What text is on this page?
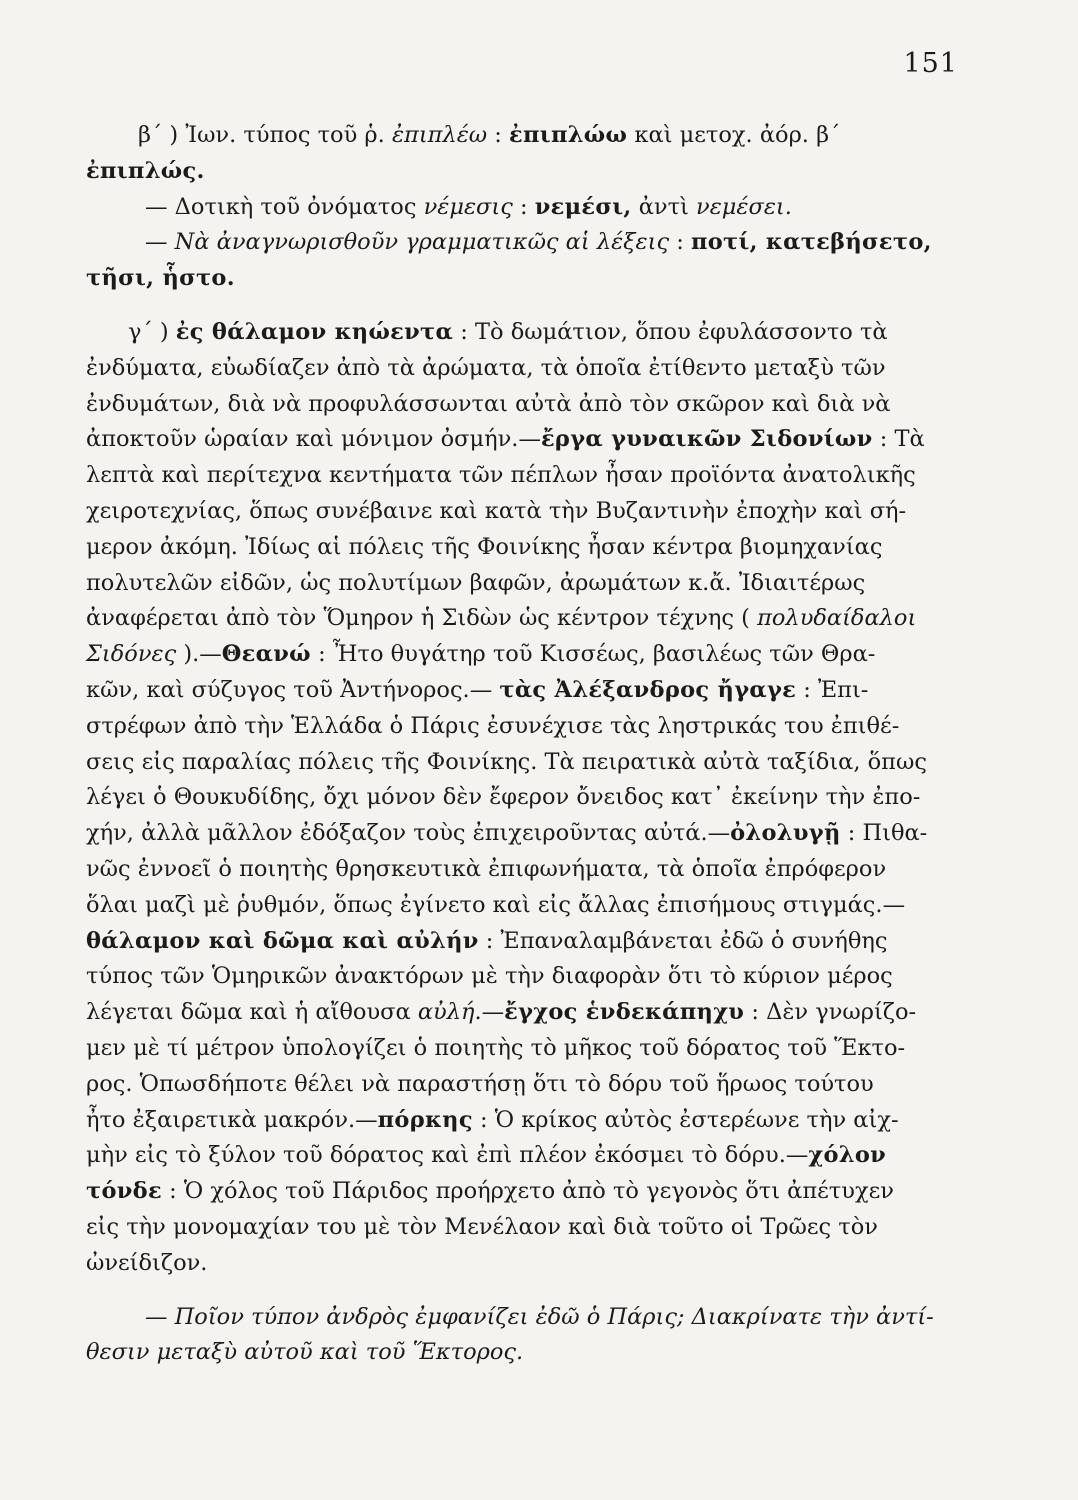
151
β΄ ) Ἰων. τύπος τοῦ ῥ. ἐπιπλέω : ἐπιπλώω καὶ μετοχ. ἀόρ. β΄
ἐπιπλώς.
— Δοτικὴ τοῦ ὀνόματος νέμεσις : νεμέσι, ἀντὶ νεμέσει.
— Νὰ ἀναγνωρισθοῦν γραμματικῶς αἱ λέξεις : ποτί, κατεβήσετο,
τῆσι, ἧστο.
γ΄ ) ἐς θάλαμον κηώεντα : Τὸ δωμάτιον, ὅπου ἐφυλάσσοντο τὰ
ἐνδύματα, εὐωδίαζεν ἀπὸ τὰ ἀρώματα, τὰ ὁποῖα ἐτίθεντο μεταξὺ τῶν
ἐνδυμάτων, διὰ νὰ προφυλάσσωνται αὐτὰ ἀπὸ τὸν σκῶρον καὶ διὰ νὰ
ἀποκτοῦν ὡραίαν καὶ μόνιμον ὀσμήν.—ἔργα γυναικῶν Σιδονίων : Τὰ
λεπτὰ καὶ περίτεχνα κεντήματα τῶν πέπλων ἦσαν προϊόντα ἀνατολικῆς
χειροτεχνίας, ὅπως συνέβαινε καὶ κατὰ τὴν Βυζαντινὴν ἐποχὴν καὶ σή-
μερον ἀκόμη. Ἰδίως αἱ πόλεις τῆς Φοινίκης ἦσαν κέντρα βιομηχανίας
πολυτελῶν εἰδῶν, ὡς πολυτίμων βαφῶν, ἀρωμάτων κ.ἄ. Ἰδιαιτέρως
ἀναφέρεται ἀπὸ τὸν Ὅμηρον ἡ Σιδὼν ὡς κέντρον τέχνης ( πολυδαίδαλοι
Σιδόνες ).—Θεανώ : Ἦτο θυγάτηρ τοῦ Κισσέως, βασιλέως τῶν Θρα-
κῶν, καὶ σύζυγος τοῦ Ἀντήνορος.— τὰς Ἀλέξανδρος ἤγαγε : Ἐπι-
στρέφων ἀπὸ τὴν Ἑλλάδα ὁ Πάρις ἐσυνέχισε τὰς ληστρικάς του ἐπιθέ-
σεις εἰς παραλίας πόλεις τῆς Φοινίκης. Τὰ πειρατικὰ αὐτὰ ταξίδια, ὅπως
λέγει ὁ Θουκυδίδης, ὄχι μόνον δὲν ἔφερον ὄνειδος κατ᾽ ἐκείνην τὴν ἐπο-
χήν, ἀλλὰ μᾶλλον ἐδόξαζον τοὺς ἐπιχειροῦντας αὐτά.—ὀλολυγῇ : Πιθα-
νῶς ἐννοεῖ ὁ ποιητὴς θρησκευτικὰ ἐπιφωνήματα, τὰ ὁποῖα ἐπρόφερον
ὅλαι μαζὶ μὲ ῥυθμόν, ὅπως ἐγίνετο καὶ εἰς ἄλλας ἐπισήμους στιγμάς.—
θάλαμον καὶ δῶμα καὶ αὐλήν : Ἐπαναλαμβάνεται ἐδῶ ὁ συνήθης
τύπος τῶν Ὁμηρικῶν ἀνακτόρων μὲ τὴν διαφορὰν ὅτι τὸ κύριον μέρος
λέγεται δῶμα καὶ ἡ αἴθουσα αὐλή.—ἔγχος ἑνδεκάπηχυ : Δὲν γνωρίζο-
μεν μὲ τί μέτρον ὑπολογίζει ὁ ποιητὴς τὸ μῆκος τοῦ δόρατος τοῦ Ἕκτο-
ρος. Ὁπωσδήποτε θέλει νὰ παραστήσῃ ὅτι τὸ δόρυ τοῦ ἥρωος τούτου
ἦτο ἐξαιρετικὰ μακρόν.—πόρκης : Ὁ κρίκος αὐτὸς ἐστερέωνε τὴν αἰχ-
μὴν εἰς τὸ ξύλον τοῦ δόρατος καὶ ἐπὶ πλέον ἐκόσμει τὸ δόρυ.—χόλον
τόνδε : Ὁ χόλος τοῦ Πάριδος προήρχετο ἀπὸ τὸ γεγονὸς ὅτι ἀπέτυχεν
εἰς τὴν μονομαχίαν του μὲ τὸν Μενέλαον καὶ διὰ τοῦτο οἱ Τρῶες τὸν
ὠνείδιζον.
— Ποῖον τύπον ἀνδρὸς ἐμφανίζει ἐδῶ ὁ Πάρις; Διακρίνατε τὴν ἀντί-
θεσιν μεταξὺ αὐτοῦ καὶ τοῦ Ἕκτορος.
